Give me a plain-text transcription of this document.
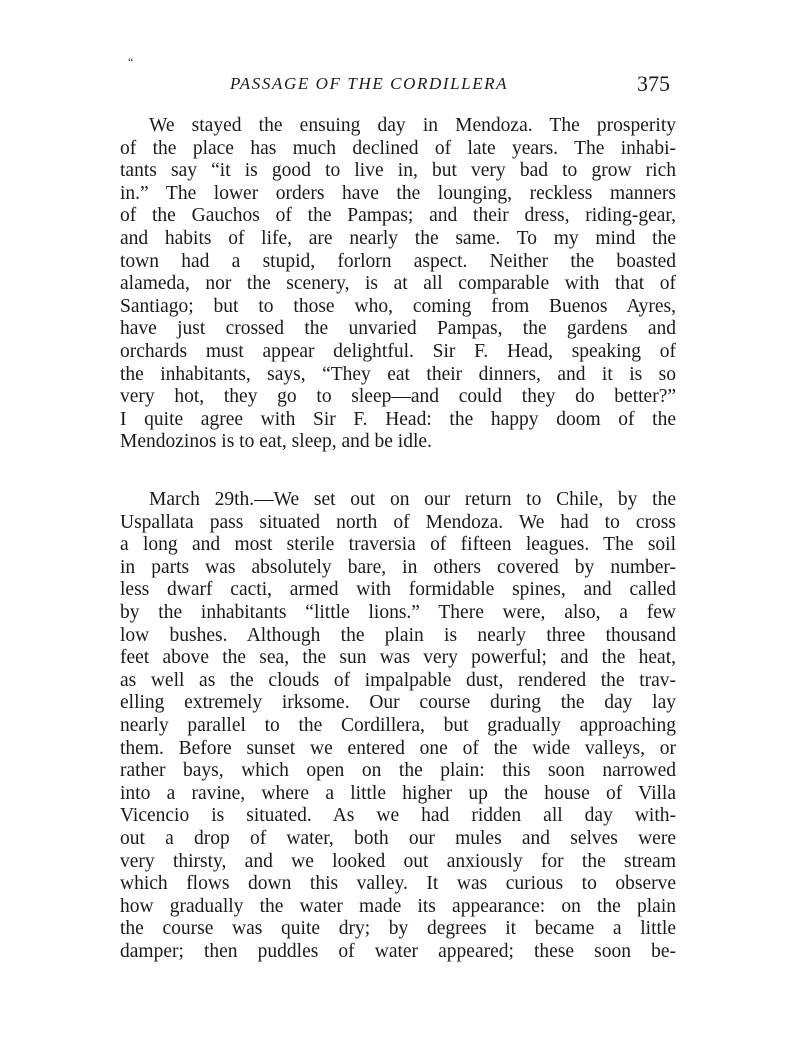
“
PASSAGE OF THE CORDILLERA	375
We stayed the ensuing day in Mendoza. The prosperity
of the place has much declined of late years. The inhabi-
tants say “it is good to live in, but very bad to grow rich
in.” The lower orders have the lounging, reckless manners
of the Gauchos of the Pampas; and their dress, riding-gear,
and habits of life, are nearly the same. To my mind the
town had a stupid, forlorn aspect. Neither the boasted
alameda, nor the scenery, is at all comparable with that of
Santiago; but to those who, coming from Buenos Ayres,
have just crossed the unvaried Pampas, the gardens and
orchards must appear delightful. Sir F. Head, speaking of
the inhabitants, says, “They eat their dinners, and it is so
very hot, they go to sleep—and could they do better?”
I quite agree with Sir F. Head: the happy doom of the
Mendozinos is to eat, sleep, and be idle.
March 29th.—We set out on our return to Chile, by the
Uspallata pass situated north of Mendoza. We had to cross
a long and most sterile traversia of fifteen leagues. The soil
in parts was absolutely bare, in others covered by number-
less dwarf cacti, armed with formidable spines, and called
by the inhabitants “little lions.” There were, also, a few
low bushes. Although the plain is nearly three thousand
feet above the sea, the sun was very powerful; and the heat,
as well as the clouds of impalpable dust, rendered the trav-
elling extremely irksome. Our course during the day lay
nearly parallel to the Cordillera, but gradually approaching
them. Before sunset we entered one of the wide valleys, or
rather bays, which open on the plain: this soon narrowed
into a ravine, where a little higher up the house of Villa
Vicencio is situated. As we had ridden all day with-
out a drop of water, both our mules and selves were
very thirsty, and we looked out anxiously for the stream
which flows down this valley. It was curious to observe
how gradually the water made its appearance: on the plain
the course was quite dry; by degrees it became a little
damper; then puddles of water appeared; these soon be-
